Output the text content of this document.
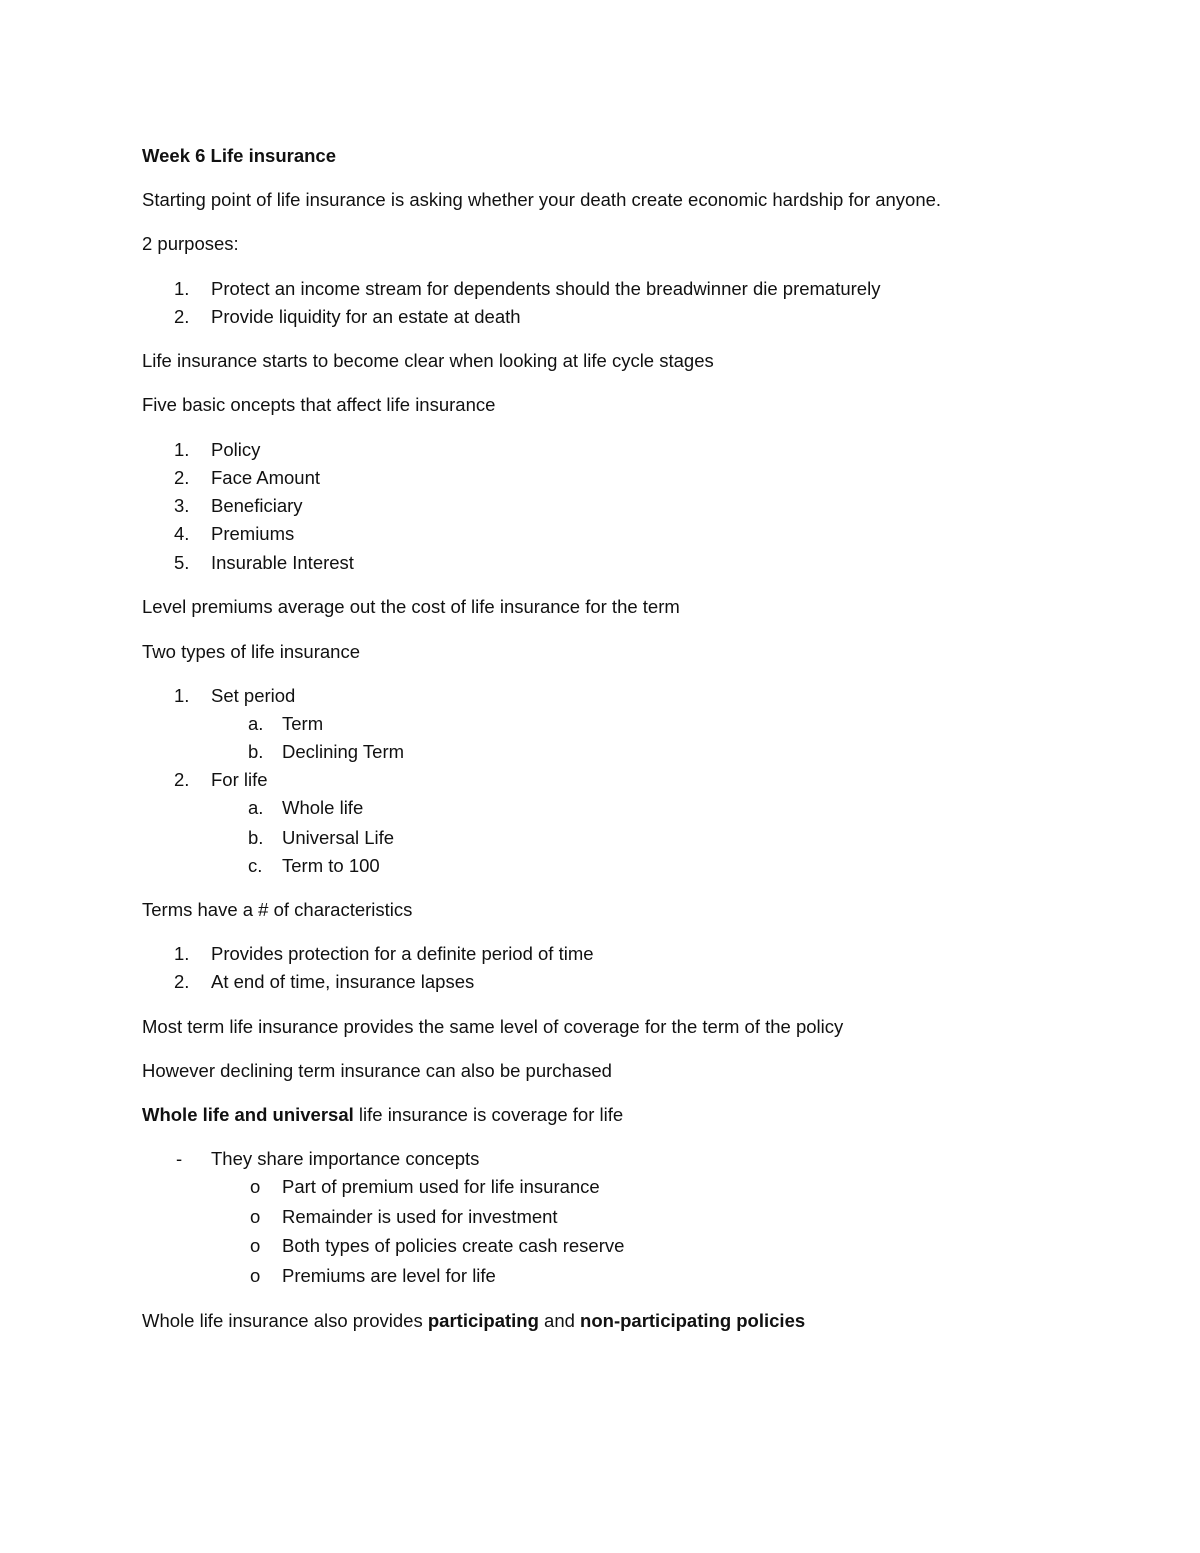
Week 6 Life insurance
Starting point of life insurance is asking whether your death create economic hardship for anyone.
2 purposes:
1. Protect an income stream for dependents should the breadwinner die prematurely
2. Provide liquidity for an estate at death
Life insurance starts to become clear when looking at life cycle stages
Five basic oncepts that affect life insurance
1. Policy
2. Face Amount
3. Beneficiary
4. Premiums
5. Insurable Interest
Level premiums average out the cost of life insurance for the term
Two types of life insurance
1. Set period
a. Term
b. Declining Term
2. For life
a. Whole life
b. Universal Life
c. Term to 100
Terms have a # of characteristics
1. Provides protection for a definite period of time
2. At end of time, insurance lapses
Most term life insurance provides the same level of coverage for the term of the policy
However declining term insurance can also be purchased
Whole life and universal life insurance is coverage for life
- They share importance concepts
o Part of premium used for life insurance
o Remainder is used for investment
o Both types of policies create cash reserve
o Premiums are level for life
Whole life insurance also provides participating and non-participating policies
